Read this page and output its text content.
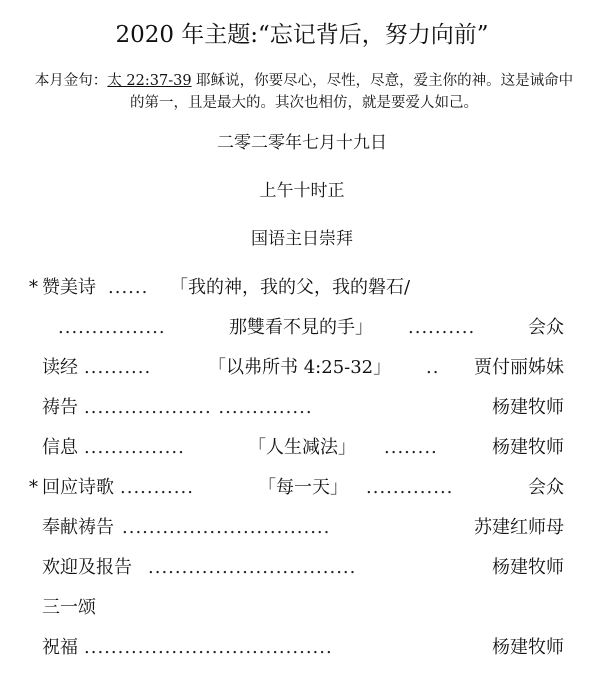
2020 年主题:“忘记背后，努力向前”
本月金句：太 22:37-39 耶稣说，你要尽心，尽性，尽意，爱主你的神。这是诫命中的第一，且是最大的。其次也相仿，就是要爱人如己。
二零二零年七月十九日
上午十时正
国语主日崇拜
* 赞美诗 ...... 「我的神，我的父，我的磐石/
................	那雙看不見的手」 ..........	会众
读经 ..........	「以弗所书 4:25-32」 .. 贾付丽姊妹
祷告 ................... ..............	杨建牧师
信息 ...............	「人生减法」 ........	杨建牧师
* 回应诗歌 ...........	「每一天」 .............	会众
奉献祷告 ...............................	苏建红师母
欢迎及报告 ...............................	杨建牧师
三一颂
祝福 .....................................	杨建牧师
